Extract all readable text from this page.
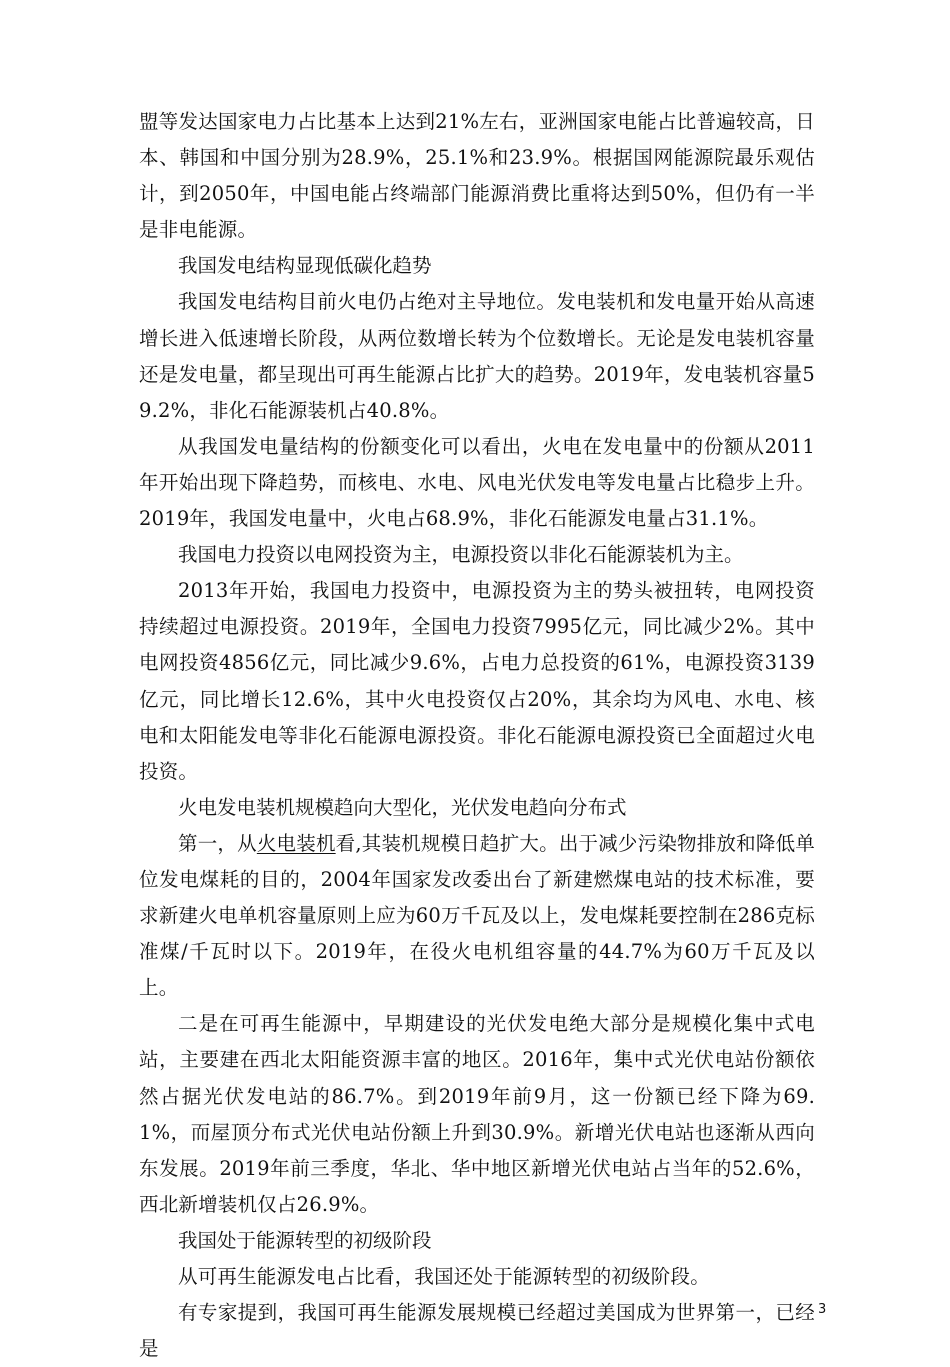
盟等发达国家电力占比基本上达到21%左右，亚洲国家电能占比普遍较高，日本、韩国和中国分别为28.9%，25.1%和23.9%。根据国网能源院最乐观估计，到2050年，中国电能占终端部门能源消费比重将达到50%，但仍有一半是非电能源。

我国发电结构显现低碳化趋势

我国发电结构目前火电仍占绝对主导地位。发电装机和发电量开始从高速增长进入低速增长阶段，从两位数增长转为个位数增长。无论是发电装机容量还是发电量，都呈现出可再生能源占比扩大的趋势。2019年，发电装机容量59.2%，非化石能源装机占40.8%。

从我国发电量结构的份额变化可以看出，火电在发电量中的份额从2011年开始出现下降趋势，而核电、水电、风电光伏发电等发电量占比稳步上升。2019年，我国发电量中，火电占68.9%，非化石能源发电量占31.1%。

我国电力投资以电网投资为主，电源投资以非化石能源装机为主。

2013年开始，我国电力投资中，电源投资为主的势头被扭转，电网投资持续超过电源投资。2019年，全国电力投资7995亿元，同比减少2%。其中电网投资4856亿元，同比减少9.6%，占电力总投资的61%，电源投资3139亿元，同比增长12.6%，其中火电投资仅占20%，其余均为风电、水电、核电和太阳能发电等非化石能源电源投资。非化石能源电源投资已全面超过火电投资。

火电发电装机规模趋向大型化，光伏发电趋向分布式

第一，从火电装机看,其装机规模日趋扩大。出于减少污染物排放和降低单位发电煤耗的目的，2004年国家发改委出台了新建燃煤电站的技术标准，要求新建火电单机容量原则上应为60万千瓦及以上，发电煤耗要控制在286克标准煤/千瓦时以下。2019年，在役火电机组容量的44.7%为60万千瓦及以上。

二是在可再生能源中，早期建设的光伏发电绝大部分是规模化集中式电站，主要建在西北太阳能资源丰富的地区。2016年，集中式光伏电站份额依然占据光伏发电站的86.7%。到2019年前9月，这一份额已经下降为69.1%，而屋顶分布式光伏电站份额上升到30.9%。新增光伏电站也逐渐从西向东发展。2019年前三季度，华北、华中地区新增光伏电站占当年的52.6%，西北新增装机仅占26.9%。

我国处于能源转型的初级阶段

从可再生能源发电占比看，我国还处于能源转型的初级阶段。

有专家提到，我国可再生能源发展规模已经超过美国成为世界第一，已经是

3
